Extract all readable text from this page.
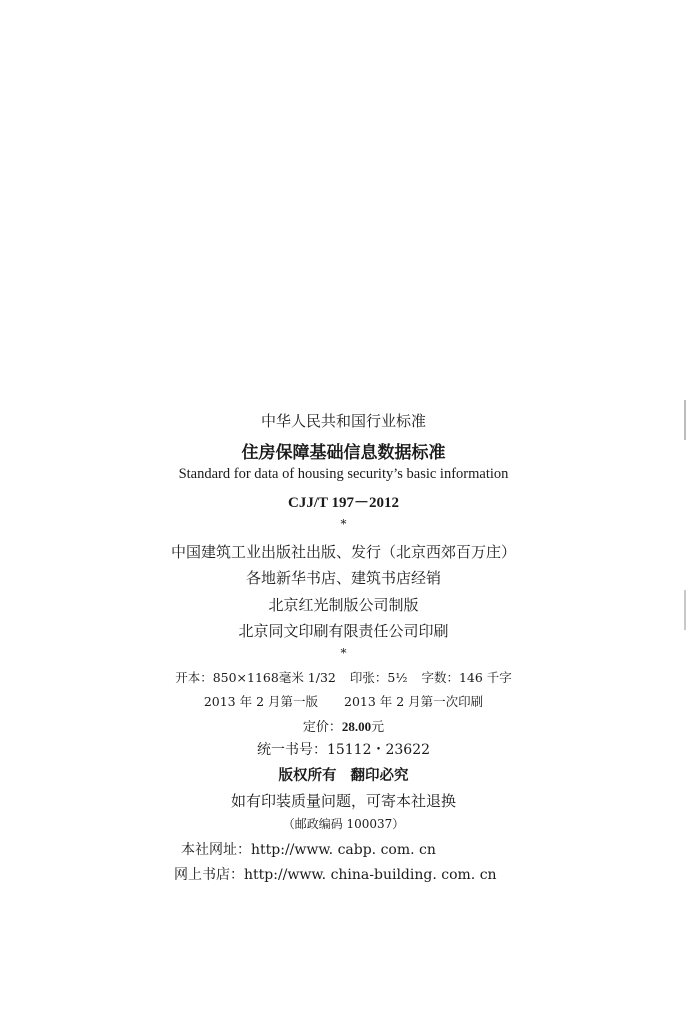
中华人民共和国行业标准
住房保障基础信息数据标准
Standard for data of housing security’s basic information
CJJ/T 197－2012
*
中国建筑工业出版社出版、发行（北京西郊百万庄）
各地新华书店、建筑书店经销
北京红光制版公司制版
北京同文印刷有限责任公司印刷
*
开本：850×1168毫米 1/32 印张：5½ 字数：146 千字
2013 年 2 月第一版 2013 年 2 月第一次印刷
定价：28.00元
统一书号：15112・23622
版权所有 翻印必究
如有印装质量问题，可寄本社退换
（邮政编码 100037）
本社网址：http://www. cabp. com. cn
网上书店：http://www. china-building. com. cn
